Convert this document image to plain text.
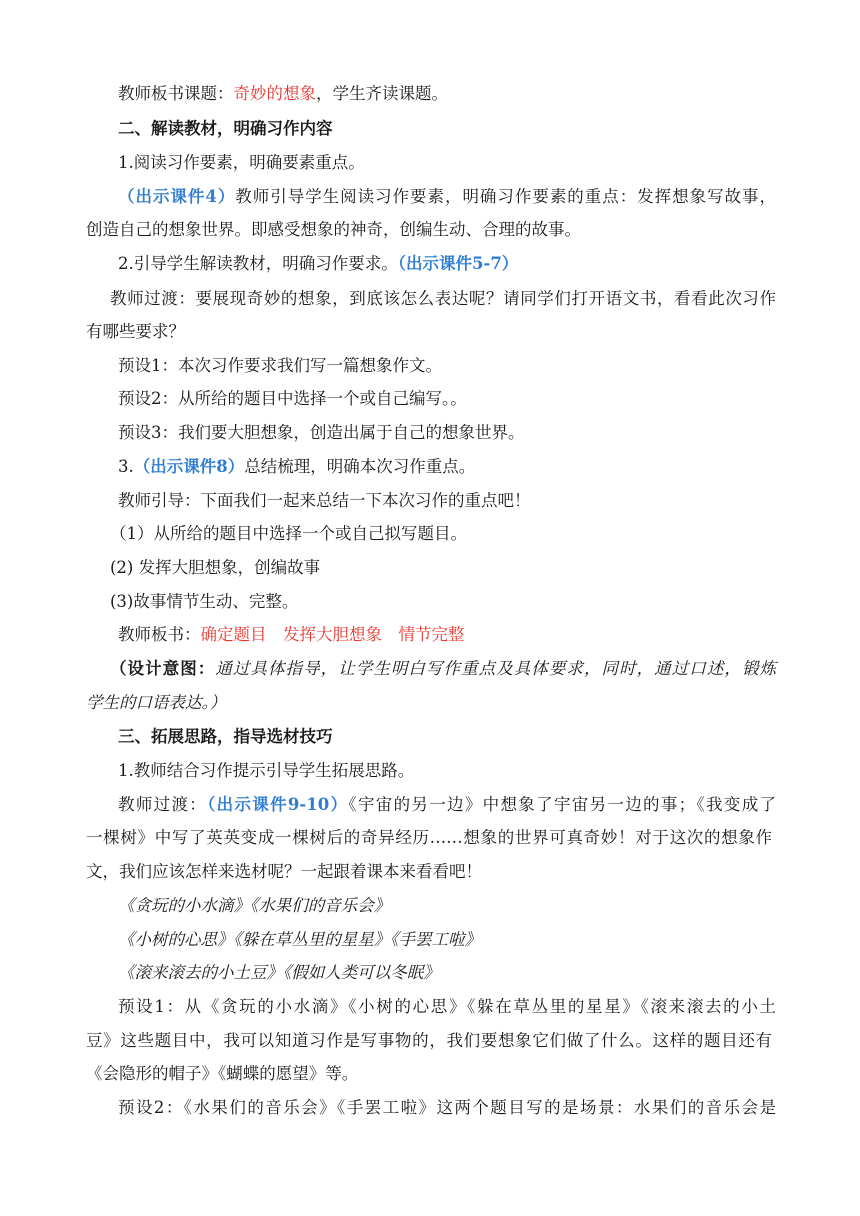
教师板书课题：奇妙的想象，学生齐读课题。
二、解读教材，明确习作内容
1.阅读习作要素，明确要素重点。
（出示课件4）教师引导学生阅读习作要素，明确习作要素的重点：发挥想象写故事，
创造自己的想象世界。即感受想象的神奇，创编生动、合理的故事。
2.引导学生解读教材，明确习作要求。（出示课件5-7）
教师过渡：要展现奇妙的想象，到底该怎么表达呢？请同学们打开语文书，看看此次习作
有哪些要求？
预设1：本次习作要求我们写一篇想象作文。
预设2：从所给的题目中选择一个或自己编写。。
预设3：我们要大胆想象，创造出属于自己的想象世界。
3.（出示课件8）总结梳理，明确本次习作重点。
教师引导：下面我们一起来总结一下本次习作的重点吧！
（1）从所给的题目中选择一个或自己拟写题目。
(2) 发挥大胆想象，创编故事
(3)故事情节生动、完整。
教师板书：确定题目　发挥大胆想象　情节完整
（设计意图：通过具体指导，让学生明白写作重点及具体要求，同时，通过口述，锻炼
学生的口语表达。）
三、拓展思路，指导选材技巧
1.教师结合习作提示引导学生拓展思路。
教师过渡：（出示课件9-10）《宇宙的另一边》中想象了宇宙另一边的事；《我变成了
一棵树》中写了英英变成一棵树后的奇异经历……想象的世界可真奇妙！对于这次的想象作
文，我们应该怎样来选材呢？一起跟着课本来看看吧！
《贪玩的小水滴》《水果们的音乐会》
《小树的心思》《躲在草丛里的星星》《手罢工啦》
《滚来滚去的小土豆》《假如人类可以冬眠》
预设1：从《贪玩的小水滴》《小树的心思》《躲在草丛里的星星》《滚来滚去的小土
豆》这些题目中，我可以知道习作是写事物的，我们要想象它们做了什么。这样的题目还有
《会隐形的帽子》《蝴蝶的愿望》等。
预设2：《水果们的音乐会》《手罢工啦》这两个题目写的是场景：水果们的音乐会是
